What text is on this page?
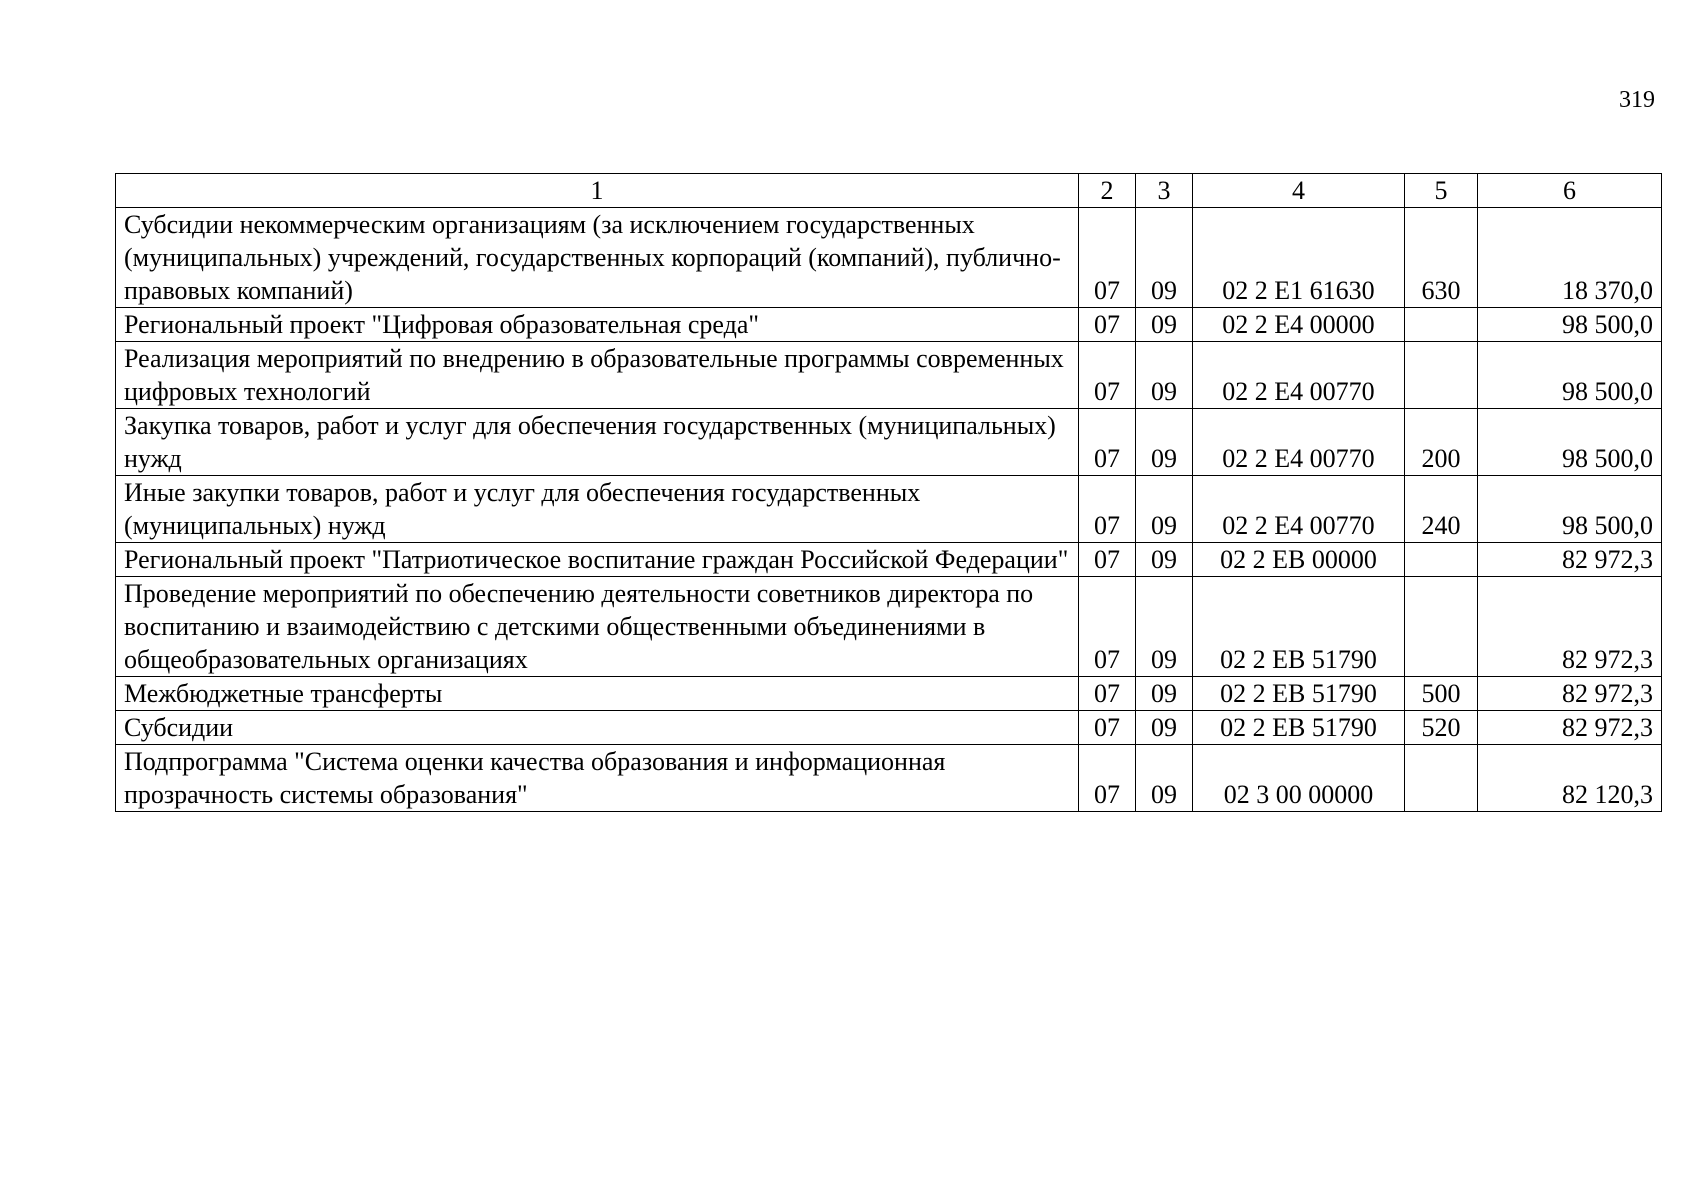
319
1	2	3	4	5	6
Субсидии некоммерческим организациям (за исключением государственных (муниципальных) учреждений, государственных корпораций (компаний), публично-правовых компаний)	07	09	02 2 E1 61630	630	18 370,0
Региональный проект "Цифровая образовательная среда"	07	09	02 2 E4 00000		98 500,0
Реализация мероприятий по внедрению в образовательные программы современных цифровых технологий	07	09	02 2 E4 00770		98 500,0
Закупка товаров, работ и услуг для обеспечения государственных (муниципальных) нужд	07	09	02 2 E4 00770	200	98 500,0
Иные закупки товаров, работ и услуг для обеспечения государственных (муниципальных) нужд	07	09	02 2 E4 00770	240	98 500,0
Региональный проект "Патриотическое воспитание граждан Российской Федерации"	07	09	02 2 EB 00000		82 972,3
Проведение мероприятий по обеспечению деятельности советников директора по воспитанию и взаимодействию с детскими общественными объединениями в общеобразовательных организациях	07	09	02 2 EB 51790		82 972,3
Межбюджетные трансферты	07	09	02 2 EB 51790	500	82 972,3
Субсидии	07	09	02 2 EB 51790	520	82 972,3
Подпрограмма "Система оценки качества образования и информационная прозрачность системы образования"	07	09	02 3 00 00000		82 120,3
